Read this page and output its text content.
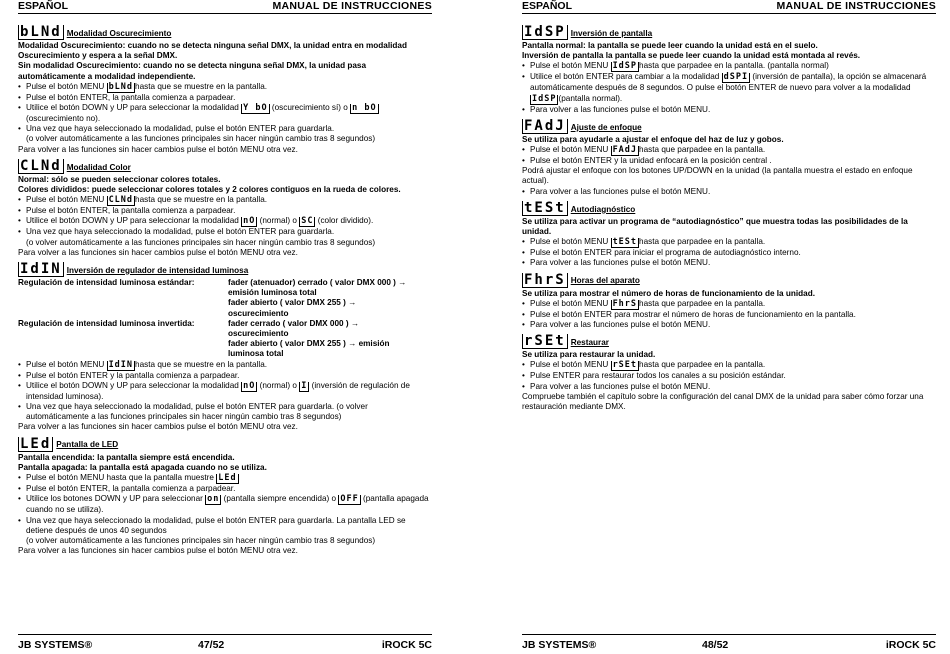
ESPAÑOL	MANUAL DE INSTRUCCIONES
bLNd Modalidad Oscurecimiento

Modalidad Oscurecimiento: cuando no se detecta ninguna señal DMX, la unidad entra en modalidad Oscurecimiento y espera a la señal DMX.

Sin modalidad Oscurecimiento: cuando no se detecta ninguna señal DMX, la unidad pasa automáticamente a modalidad independiente.

• Pulse el botón MENU bLNd hasta que se muestre en la pantalla.
• Pulse el botón ENTER, la pantalla comienza a parpadear.
• Utilice el botón DOWN y UP para seleccionar la modalidad Y bO (oscurecimiento sí) o n bO (oscurecimiento no).
• Una vez que haya seleccionado la modalidad, pulse el botón ENTER para guardarla.

(o volver automáticamente a las funciones principales sin hacer ningún cambio tras 8 segundos)

Para volver a las funciones sin hacer cambios pulse el botón MENU otra vez.

CLNd Modalidad Color

Normal: sólo se pueden seleccionar colores totales.

Colores divididos: puede seleccionar colores totales y 2 colores contiguos en la rueda de colores.

• Pulse el botón MENU CLNd hasta que se muestre en la pantalla.
• Pulse el botón ENTER, la pantalla comienza a parpadear.
• Utilice el botón DOWN y UP para seleccionar la modalidad nO (normal) o SC (color dividido).
• Una vez que haya seleccionado la modalidad, pulse el botón ENTER para guardarla.

(o volver automáticamente a las funciones principales sin hacer ningún cambio tras 8 segundos)

Para volver a las funciones sin hacer cambios pulse el botón MENU otra vez.

IdIN Inversión de regulador de intensidad luminosa
Regulación de intensidad luminosa estándar:	fader (atenuador) cerrado ( valor DMX 000 ) → emisión luminosa total
fader abierto ( valor DMX 255 ) → oscurecimiento
Regulación de intensidad luminosa invertida:	fader cerrado ( valor DMX 000 ) → oscurecimiento
fader abierto ( valor DMX 255 ) → emisión luminosa total
• Pulse el botón MENU IdIN hasta que se muestre en la pantalla.
• Pulse el botón ENTER y la pantalla comienza a parpadear.
• Utilice el botón DOWN y UP para seleccionar la modalidad nO (normal) o I (inversión de regulación de intensidad luminosa).
• Una vez que haya seleccionado la modalidad, pulse el botón ENTER para guardarla. (o volver automáticamente a las funciones principales sin hacer ningún cambio tras 8 segundos)

Para volver a las funciones sin hacer cambios pulse el botón MENU otra vez.

LEd Pantalla de LED

Pantalla encendida: la pantalla siempre está encendida.

Pantalla apagada: la pantalla está apagada cuando no se utiliza.

• Pulse el botón MENU hasta que la pantalla muestre LEd
• Pulse el botón ENTER, la pantalla comienza a parpadear.
• Utilice los botones DOWN y UP para seleccionar on (pantalla siempre encendida) o OFF (pantalla apagada cuando no se utiliza).
• Una vez que haya seleccionado la modalidad, pulse el botón ENTER para guardarla. La pantalla LED se detiene después de unos 40 segundos

(o volver automáticamente a las funciones principales sin hacer ningún cambio tras 8 segundos)

Para volver a las funciones sin hacer cambios pulse el botón MENU otra vez.

JB SYSTEMS®	47/52	iROCK 5C
ESPAÑOL	MANUAL DE INSTRUCCIONES
IdSP Inversión de pantalla

Pantalla normal: la pantalla se puede leer cuando la unidad está en el suelo.

Inversión de pantalla la pantalla se puede leer cuando la unidad está montada al revés.

• Pulse el botón MENU IdSP hasta que parpadee en la pantalla. (pantalla normal)
• Utilice el botón ENTER para cambiar a la modalidad dSPI (inversión de pantalla), la opción se almacenará automáticamente después de 8 segundos. O pulse el botón ENTER de nuevo para volver a la modalidad IdSP (pantalla normal).
• Para volver a las funciones pulse el botón MENU.
FAdJ Ajuste de enfoque

Se utiliza para ayudarle a ajustar el enfoque del haz de luz y gobos.

• Pulse el botón MENU FAdJ hasta que parpadee en la pantalla.
• Pulse el botón ENTER y la unidad enfocará en la posición central .

Podrá ajustar el enfoque con los botones UP/DOWN en la unidad (la pantalla muestra el estado en enfoque actual).

• Para volver a las funciones pulse el botón MENU.
tESt Autodiagnóstico

Se utiliza para activar un programa de “autodiagnóstico” que muestra todas las posibilidades de la unidad.

• Pulse el botón MENU tESt hasta que parpadee en la pantalla.
• Pulse el botón ENTER para iniciar el programa de autodiagnóstico interno.
• Para volver a las funciones pulse el botón MENU.
FhrS Horas del aparato

Se utiliza para mostrar el número de horas de funcionamiento de la unidad.

• Pulse el botón MENU FhrS hasta que parpadee en la pantalla.
• Pulse el botón ENTER para mostrar el número de horas de funcionamiento en la pantalla.
• Para volver a las funciones pulse el botón MENU.
rSEt Restaurar

Se utiliza para restaurar la unidad.

• Pulse el botón MENU rSEt hasta que parpadee en la pantalla.
• Pulse ENTER para restaurar todos los canales a su posición estándar.
• Para volver a las funciones pulse el botón MENU.

Compruebe también el capítulo sobre la configuración del canal DMX de la unidad para saber cómo forzar una restauración mediante DMX.

JB SYSTEMS®	48/52	iROCK 5C
